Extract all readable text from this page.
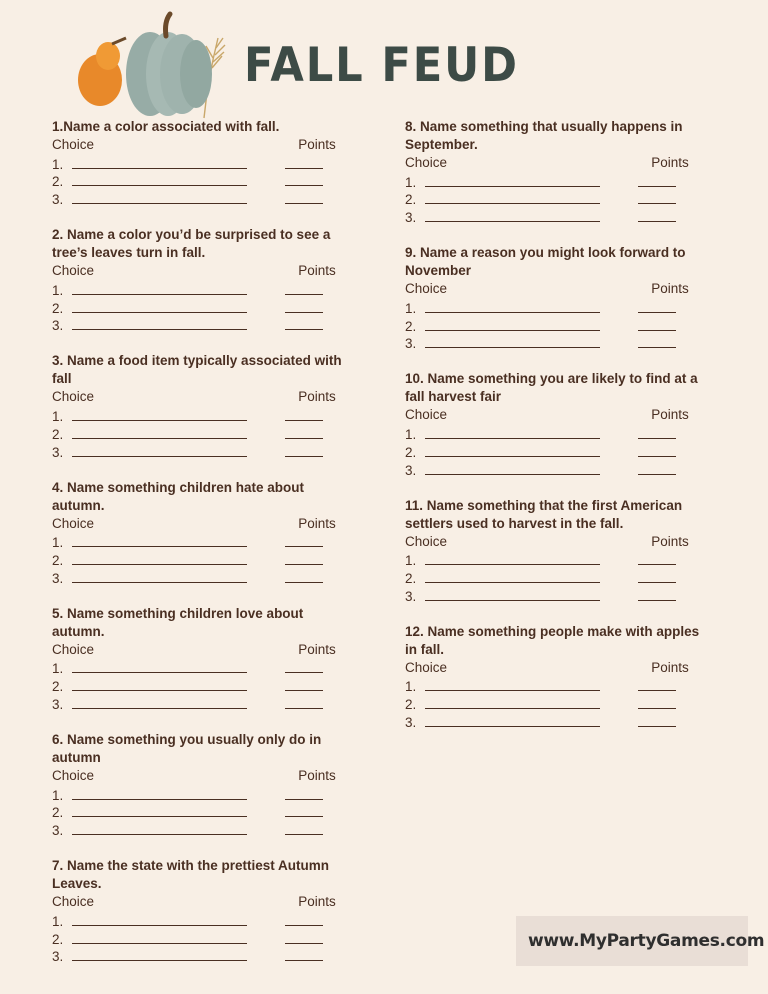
FALL FEUD
1.Name a color associated with fall.
Choice	Points
1.
2.
3.
2. Name a color you’d be surprised to see a tree’s leaves turn in fall.
Choice	Points
1.
2.
3.
3. Name a food item typically associated with fall
Choice	Points
1.
2.
3.
4. Name something children hate about autumn.
Choice	Points
1.
2.
3.
5. Name something children love about autumn.
Choice	Points
1.
2.
3.
6. Name something you usually only do in autumn
Choice	Points
1.
2.
3.
7. Name the state with the prettiest Autumn Leaves.
Choice	Points
1.
2.
3.
8. Name something that usually happens in September.
Choice	Points
1.
2.
3.
9. Name a reason you might look forward to November
Choice	Points
1.
2.
3.
10. Name something you are likely to find at a fall harvest fair
Choice	Points
1.
2.
3.
11. Name something that the first American settlers used to harvest in the fall.
Choice	Points
1.
2.
3.
12. Name something people make with apples in fall.
Choice	Points
1.
2.
3.
www.MyPartyGames.com
